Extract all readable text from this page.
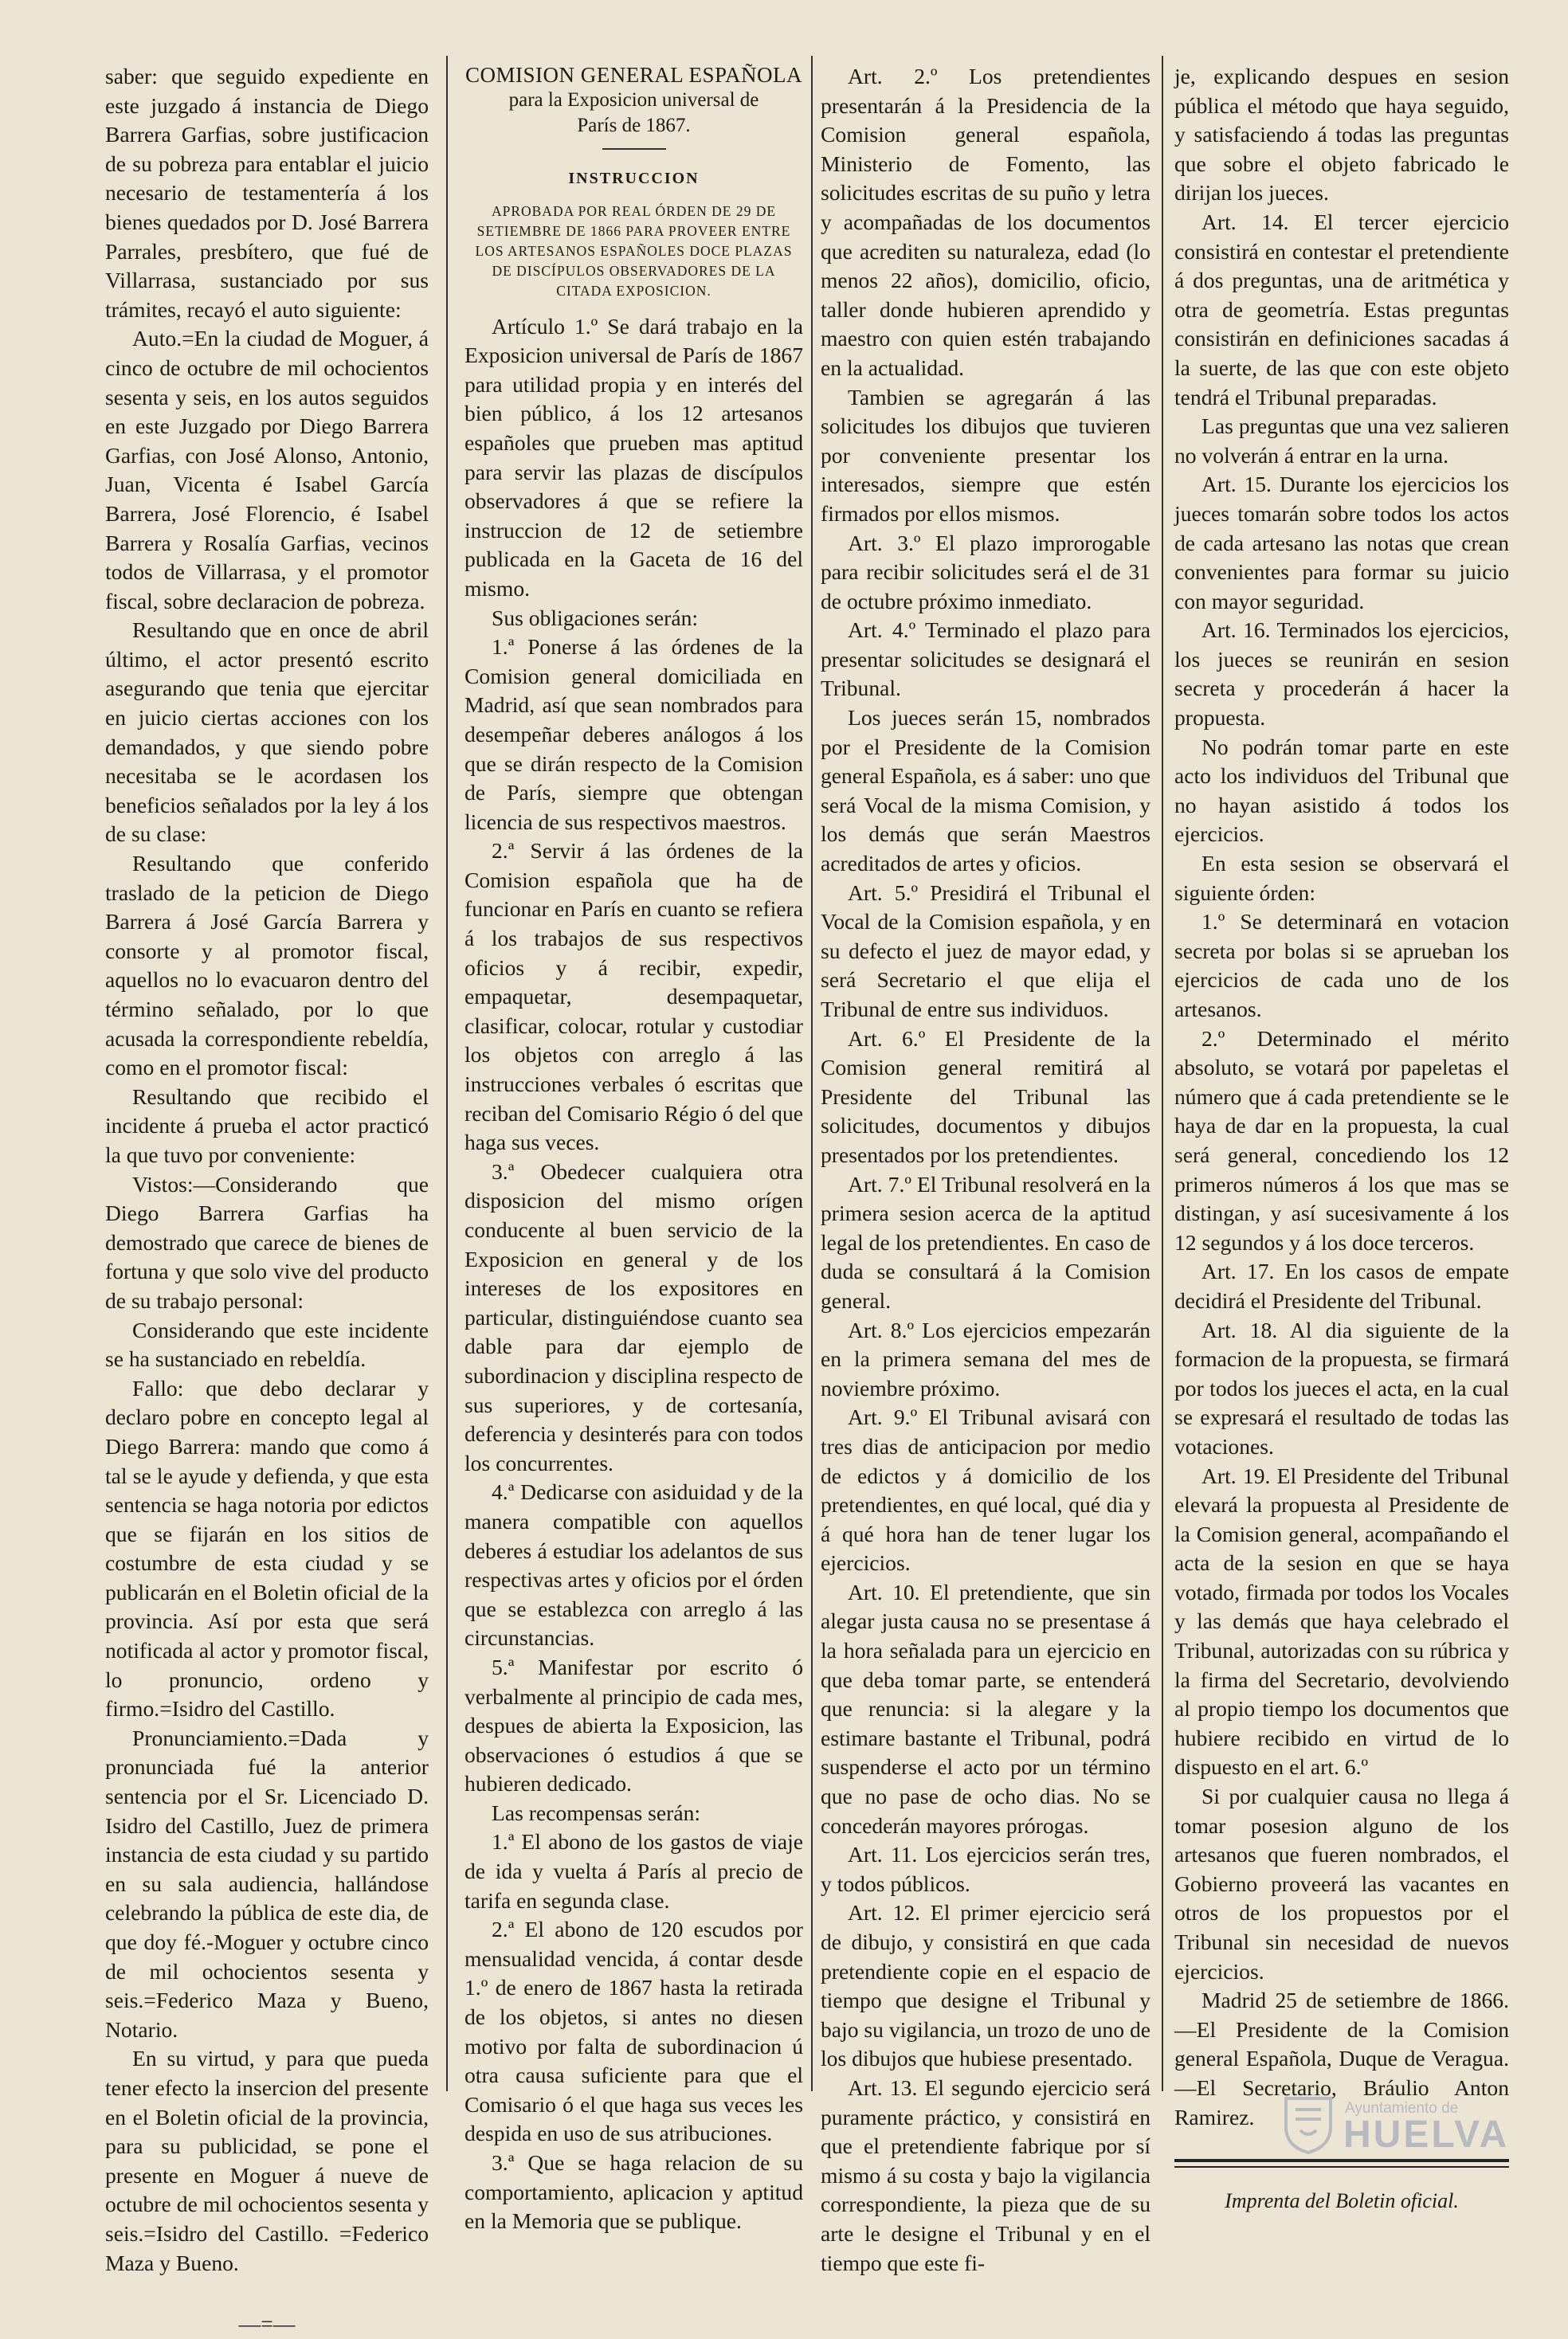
saber: que seguido expediente en este juzgado á instancia de Diego Barrera Garfias, sobre justificacion de su pobreza para entablar el juicio necesario de testamentería á los bienes quedados por D. José Barrera Parrales, presbítero, que fué de Villarrasa, sustanciado por sus trámites, recayó el auto siguiente:

Auto.=En la ciudad de Moguer, á cinco de octubre de mil ochocientos sesenta y seis, en los autos seguidos en este Juzgado por Diego Barrera Garfias, con José Alonso, Antonio, Juan, Vicenta é Isabel García Barrera, José Florencio, é Isabel Barrera y Rosalía Garfias, vecinos todos de Villarrasa, y el promotor fiscal, sobre declaracion de pobreza.

Resultando que en once de abril último, el actor presentó escrito asegurando que tenia que ejercitar en juicio ciertas acciones con los demandados, y que siendo pobre necesitaba se le acordasen los beneficios señalados por la ley á los de su clase:

Resultando que conferido traslado de la peticion de Diego Barrera á José García Barrera y consorte y al promotor fiscal, aquellos no lo evacuaron dentro del término señalado, por lo que acusada la correspondiente rebeldía, como en el promotor fiscal:

Resultando que recibido el incidente á prueba el actor practicó la que tuvo por conveniente:

Vistos:—Considerando que Diego Barrera Garfias ha demostrado que carece de bienes de fortuna y que solo vive del producto de su trabajo personal:

Considerando que este incidente se ha sustanciado en rebeldía.

Fallo: que debo declarar y declaro pobre en concepto legal al Diego Barrera: mando que como á tal se le ayude y defienda, y que esta sentencia se haga notoria por edictos que se fijarán en los sitios de costumbre de esta ciudad y se publicarán en el Boletin oficial de la provincia. Así por esta que será notificada al actor y promotor fiscal, lo pronuncio, ordeno y firmo.=Isidro del Castillo.

Pronunciamiento.=Dada y pronunciada fué la anterior sentencia por el Sr. Licenciado D. Isidro del Castillo, Juez de primera instancia de esta ciudad y su partido en su sala audiencia, hallándose celebrando la pública de este dia, de que doy fé.-Moguer y octubre cinco de mil ochocientos sesenta y seis.=Federico Maza y Bueno, Notario.

En su virtud, y para que pueda tener efecto la insercion del presente en el Boletin oficial de la provincia, para su publicidad, se pone el presente en Moguer á nueve de octubre de mil ochocientos sesenta y seis.=Isidro del Castillo. =Federico Maza y Bueno.

—=—
COMISION GENERAL ESPAÑOLA
para la Exposicion universal de
París de 1867.
INSTRUCCION
APROBADA POR REAL ÓRDEN DE 29 DE SETIEMBRE DE 1866 PARA PROVEER ENTRE LOS ARTESANOS ESPAÑOLES DOCE PLAZAS DE DISCÍPULOS OBSERVADORES DE LA CITADA EXPOSICION.

Artículo 1.º Se dará trabajo en la Exposicion universal de París de 1867 para utilidad propia y en interés del bien público, á los 12 artesanos españoles que prueben mas aptitud para servir las plazas de discípulos observadores á que se refiere la instruccion de 12 de setiembre publicada en la Gaceta de 16 del mismo.

Sus obligaciones serán:

1.ª Ponerse á las órdenes de la Comision general domiciliada en Madrid, así que sean nombrados para desempeñar deberes análogos á los que se dirán respecto de la Comision de París, siempre que obtengan licencia de sus respectivos maestros.

2.ª Servir á las órdenes de la Comision española que ha de funcionar en París en cuanto se refiera á los trabajos de sus respectivos oficios y á recibir, expedir, empaquetar, desempaquetar, clasificar, colocar, rotular y custodiar los objetos con arreglo á las instrucciones verbales ó escritas que reciban del Comisario Régio ó del que haga sus veces.

3.ª Obedecer cualquiera otra disposicion del mismo orígen conducente al buen servicio de la Exposicion en general y de los intereses de los expositores en particular, distinguiéndose cuanto sea dable para dar ejemplo de subordinacion y disciplina respecto de sus superiores, y de cortesanía, deferencia y desinterés para con todos los concurrentes.

4.ª Dedicarse con asiduidad y de la manera compatible con aquellos deberes á estudiar los adelantos de sus respectivas artes y oficios por el órden que se establezca con arreglo á las circunstancias.

5.ª Manifestar por escrito ó verbalmente al principio de cada mes, despues de abierta la Exposicion, las observaciones ó estudios á que se hubieren dedicado.

Las recompensas serán:

1.ª El abono de los gastos de viaje de ida y vuelta á París al precio de tarifa en segunda clase.

2.ª El abono de 120 escudos por mensualidad vencida, á contar desde 1.º de enero de 1867 hasta la retirada de los objetos, si antes no diesen motivo por falta de subordinacion ú otra causa suficiente para que el Comisario ó el que haga sus veces les despida en uso de sus atribuciones.

3.ª Que se haga relacion de su comportamiento, aplicacion y aptitud en la Memoria que se publique.

Art. 2.º Los pretendientes presentarán á la Presidencia de la Comision general española, Ministerio de Fomento, las solicitudes escritas de su puño y letra y acompañadas de los documentos que acrediten su naturaleza, edad (lo menos 22 años), domicilio, oficio, taller donde hubieren aprendido y maestro con quien estén trabajando en la actualidad.

Tambien se agregarán á las solicitudes los dibujos que tuvieren por conveniente presentar los interesados, siempre que estén firmados por ellos mismos.

Art. 3.º El plazo improrogable para recibir solicitudes será el de 31 de octubre próximo inmediato.

Art. 4.º Terminado el plazo para presentar solicitudes se designará el Tribunal.

Los jueces serán 15, nombrados por el Presidente de la Comision general Española, es á saber: uno que será Vocal de la misma Comision, y los demás que serán Maestros acreditados de artes y oficios.

Art. 5.º Presidirá el Tribunal el Vocal de la Comision española, y en su defecto el juez de mayor edad, y será Secretario el que elija el Tribunal de entre sus individuos.

Art. 6.º El Presidente de la Comision general remitirá al Presidente del Tribunal las solicitudes, documentos y dibujos presentados por los pretendientes.

Art. 7.º El Tribunal resolverá en la primera sesion acerca de la aptitud legal de los pretendientes. En caso de duda se consultará á la Comision general.

Art. 8.º Los ejercicios empezarán en la primera semana del mes de noviembre próximo.

Art. 9.º El Tribunal avisará con tres dias de anticipacion por medio de edictos y á domicilio de los pretendientes, en qué local, qué dia y á qué hora han de tener lugar los ejercicios.

Art. 10. El pretendiente, que sin alegar justa causa no se presentase á la hora señalada para un ejercicio en que deba tomar parte, se entenderá que renuncia: si la alegare y la estimare bastante el Tribunal, podrá suspenderse el acto por un término que no pase de ocho dias. No se concederán mayores prórogas.

Art. 11. Los ejercicios serán tres, y todos públicos.

Art. 12. El primer ejercicio será de dibujo, y consistirá en que cada pretendiente copie en el espacio de tiempo que designe el Tribunal y bajo su vigilancia, un trozo de uno de los dibujos que hubiese presentado.

Art. 13. El segundo ejercicio será puramente práctico, y consistirá en que el pretendiente fabrique por sí mismo á su costa y bajo la vigilancia correspondiente, la pieza que de su arte le designe el Tribunal y en el tiempo que este fi-

je, explicando despues en sesion pública el método que haya seguido, y satisfaciendo á todas las preguntas que sobre el objeto fabricado le dirijan los jueces.

Art. 14. El tercer ejercicio consistirá en contestar el pretendiente á dos preguntas, una de aritmética y otra de geometría. Estas preguntas consistirán en definiciones sacadas á la suerte, de las que con este objeto tendrá el Tribunal preparadas.

Las preguntas que una vez salieren no volverán á entrar en la urna.

Art. 15. Durante los ejercicios los jueces tomarán sobre todos los actos de cada artesano las notas que crean convenientes para formar su juicio con mayor seguridad.

Art. 16. Terminados los ejercicios, los jueces se reunirán en sesion secreta y procederán á hacer la propuesta.

No podrán tomar parte en este acto los individuos del Tribunal que no hayan asistido á todos los ejercicios.

En esta sesion se observará el siguiente órden:

1.º Se determinará en votacion secreta por bolas si se aprueban los ejercicios de cada uno de los artesanos.

2.º Determinado el mérito absoluto, se votará por papeletas el número que á cada pretendiente se le haya de dar en la propuesta, la cual será general, concediendo los 12 primeros números á los que mas se distingan, y así sucesivamente á los 12 segundos y á los doce terceros.

Art. 17. En los casos de empate decidirá el Presidente del Tribunal.

Art. 18. Al dia siguiente de la formacion de la propuesta, se firmará por todos los jueces el acta, en la cual se expresará el resultado de todas las votaciones.

Art. 19. El Presidente del Tribunal elevará la propuesta al Presidente de la Comision general, acompañando el acta de la sesion en que se haya votado, firmada por todos los Vocales y las demás que haya celebrado el Tribunal, autorizadas con su rúbrica y la firma del Secretario, devolviendo al propio tiempo los documentos que hubiere recibido en virtud de lo dispuesto en el art. 6.º

Si por cualquier causa no llega á tomar posesion alguno de los artesanos que fueren nombrados, el Gobierno proveerá las vacantes en otros de los propuestos por el Tribunal sin necesidad de nuevos ejercicios.

Madrid 25 de setiembre de 1866. —El Presidente de la Comision general Española, Duque de Veragua.—El Secretario, Bráulio Anton Ramirez.

Imprenta del Boletin oficial.
Ayuntamiento de
HUELVA
